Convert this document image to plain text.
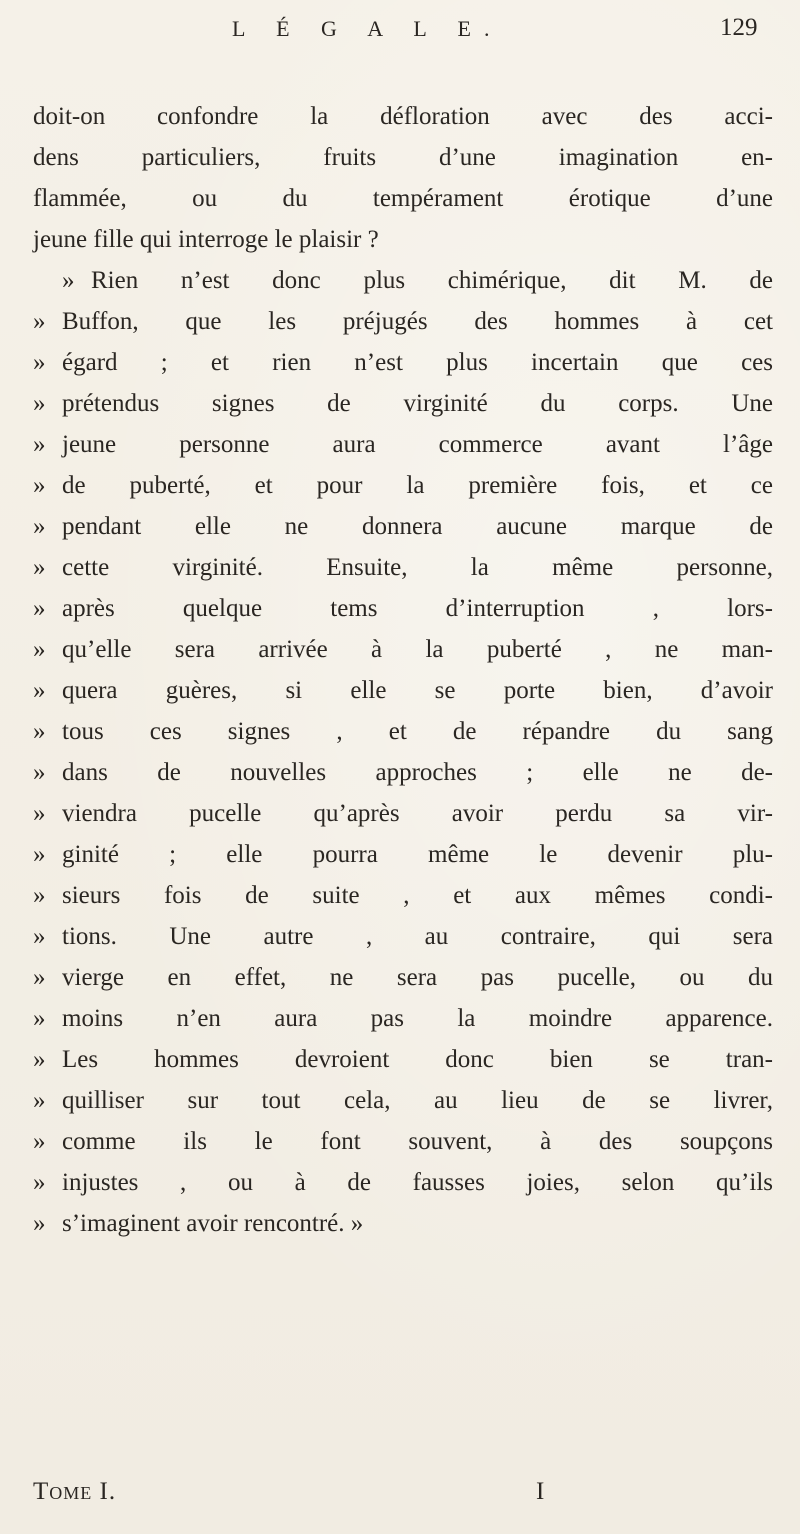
L É G A L E.	129
doit-on confondre la défloration avec des acci-
dens particuliers, fruits d’une imagination en-
flammée, ou du tempérament érotique d’une
jeune fille qui interroge le plaisir ?
» Rien n’est donc plus chimérique, dit M. de
» Buffon, que les préjugés des hommes à cet
» égard ; et rien n’est plus incertain que ces
» prétendus signes de virginité du corps. Une
» jeune personne aura commerce avant l’âge
» de puberté, et pour la première fois, et ce
» pendant elle ne donnera aucune marque de
» cette virginité. Ensuite, la même personne,
» après quelque tems d’interruption , lors-
» qu’elle sera arrivée à la puberté , ne man-
» quera guères, si elle se porte bien, d’avoir
» tous ces signes , et de répandre du sang
» dans de nouvelles approches ; elle ne de-
» viendra pucelle qu’après avoir perdu sa vir-
» ginité ; elle pourra même le devenir plu-
» sieurs fois de suite , et aux mêmes condi-
» tions. Une autre , au contraire, qui sera
» vierge en effet, ne sera pas pucelle, ou du
» moins n’en aura pas la moindre apparence.
» Les hommes devroient donc bien se tran-
» quilliser sur tout cela, au lieu de se livrer,
» comme ils le font souvent, à des soupçons
» injustes , ou à de fausses joies, selon qu’ils
» s’imaginent avoir rencontré. »
Tome I.	I
